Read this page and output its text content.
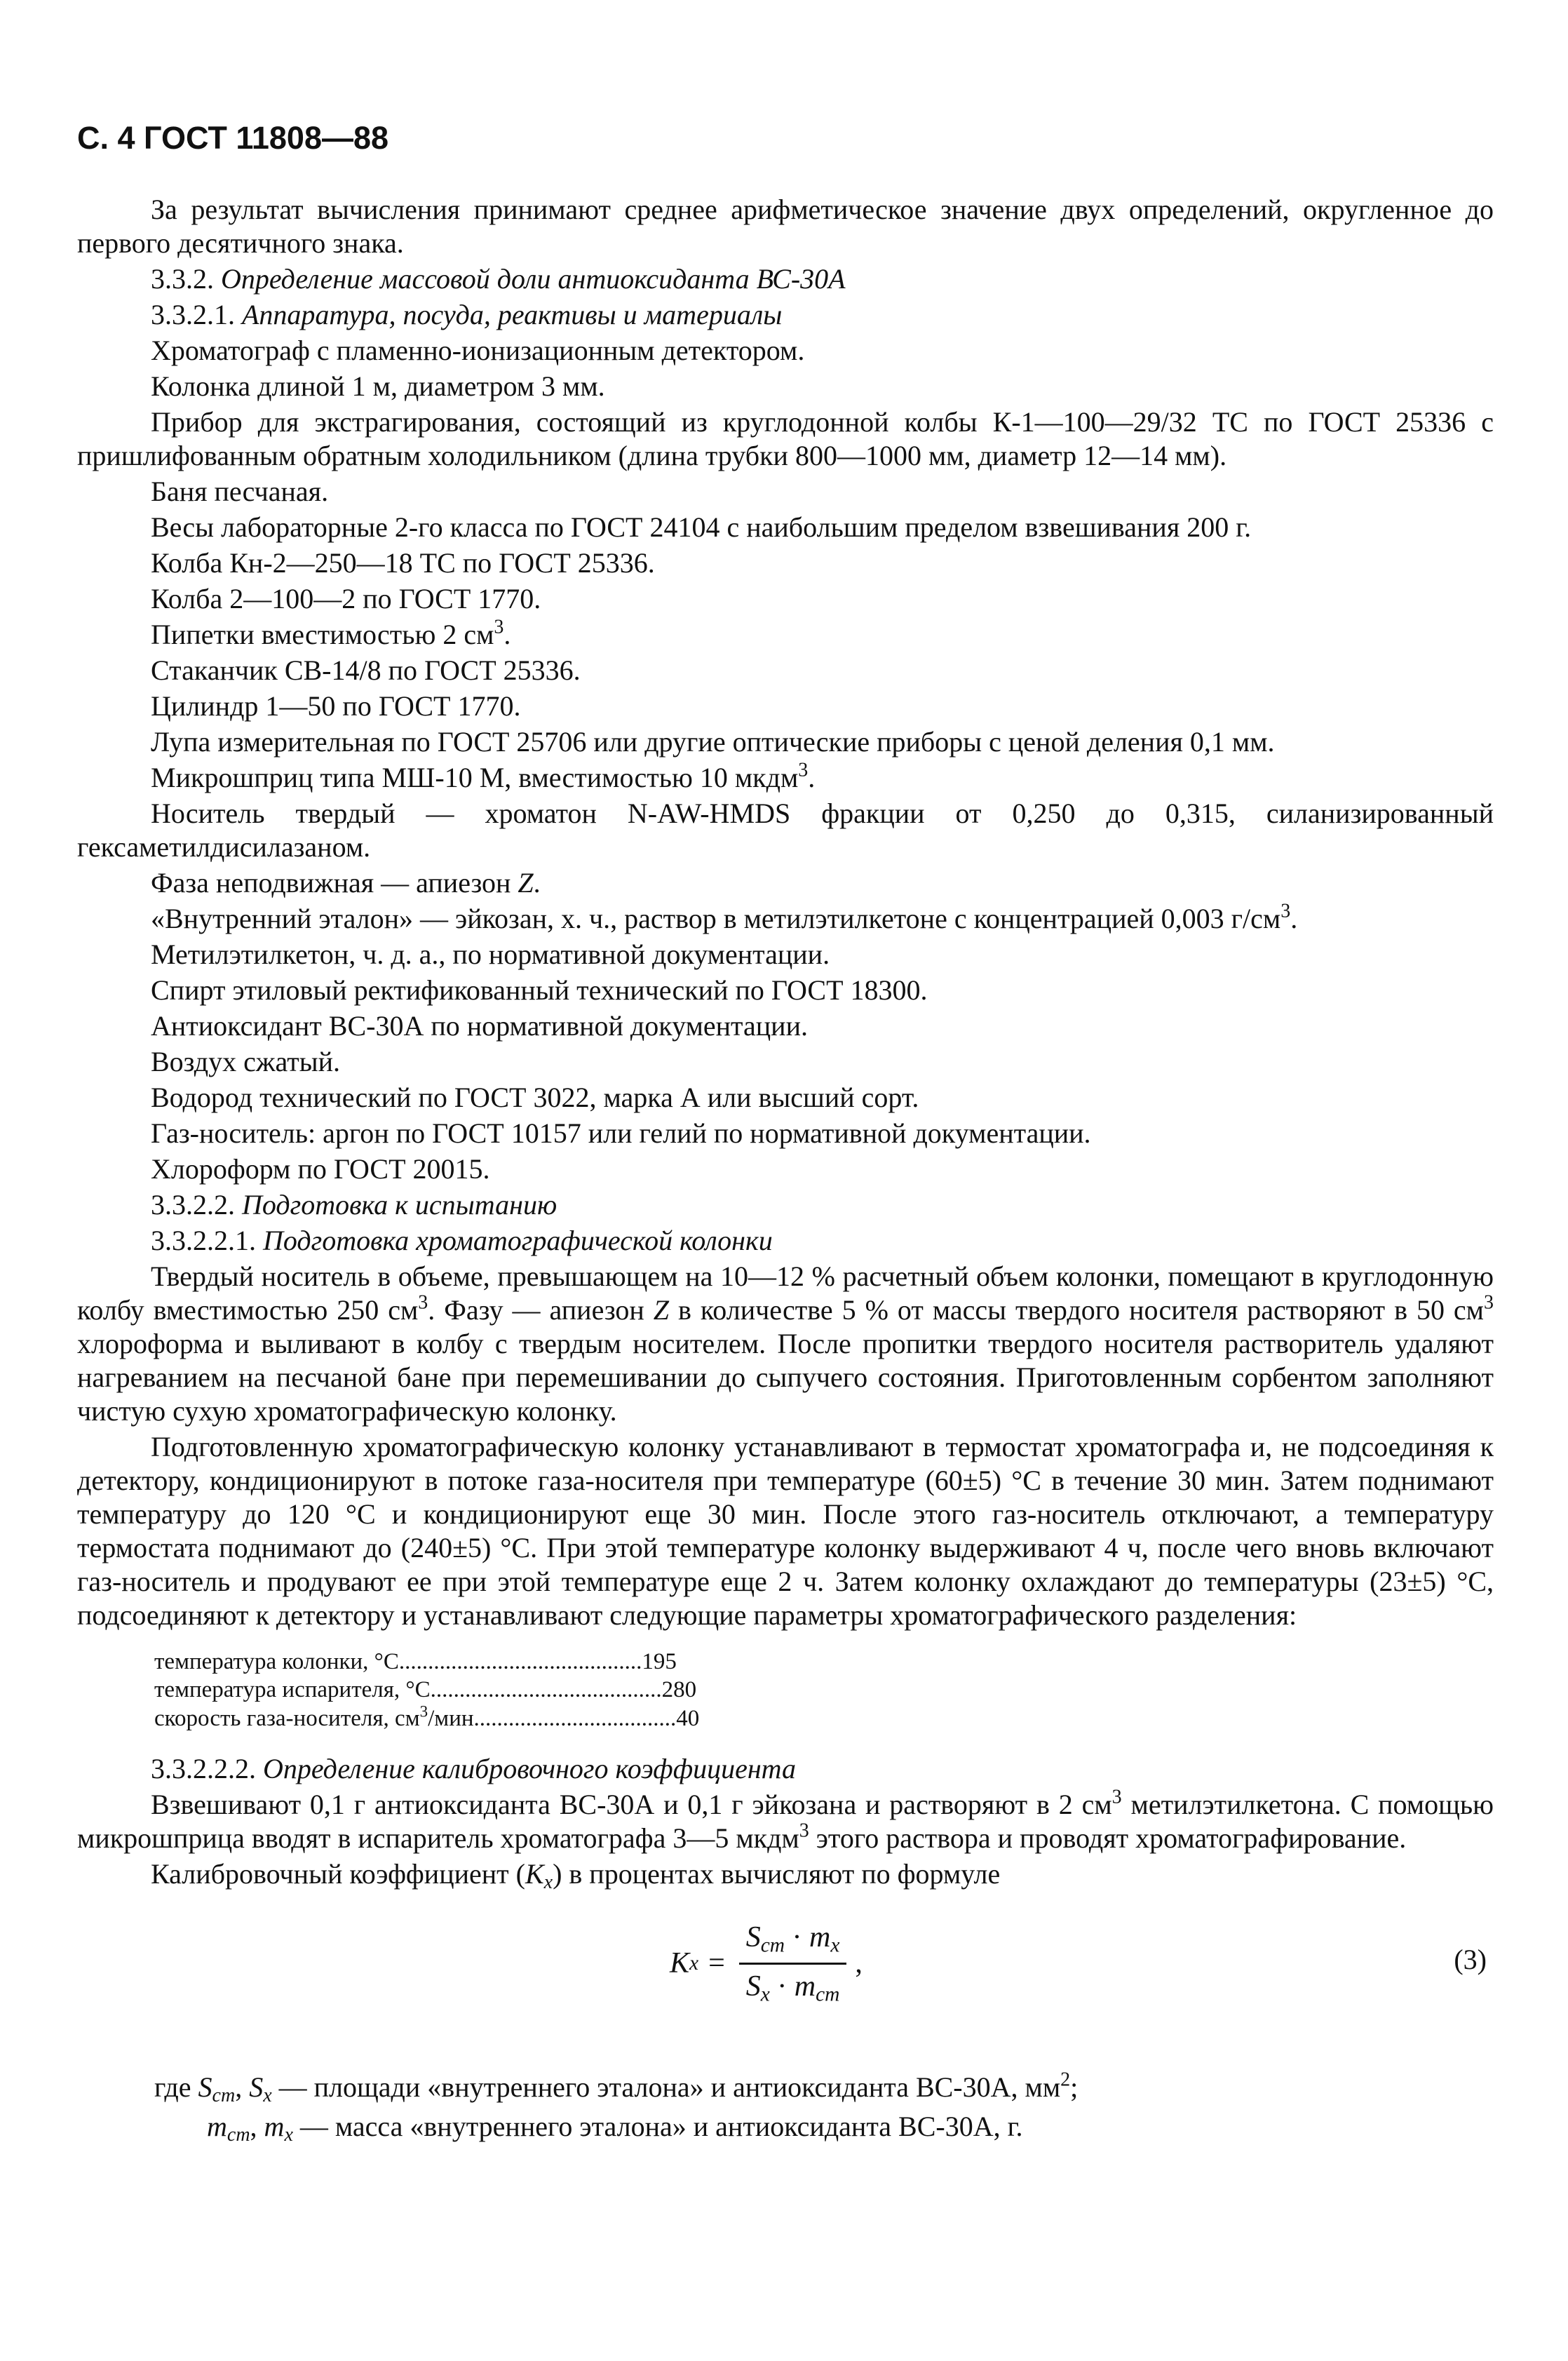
С. 4 ГОСТ 11808—88

За результат вычисления принимают среднее арифметическое значение двух определений, округленное до первого десятичного знака.

3.3.2. Определение массовой доли антиоксиданта ВС-30А

3.3.2.1. Аппаратура, посуда, реактивы и материалы

Хроматограф с пламенно-ионизационным детектором.

Колонка длиной 1 м, диаметром 3 мм.

Прибор для экстрагирования, состоящий из круглодонной колбы К-1—100—29/32 ТС по ГОСТ 25336 с пришлифованным обратным холодильником (длина трубки 800—1000 мм, диаметр 12—14 мм).

Баня песчаная.

Весы лабораторные 2-го класса по ГОСТ 24104 с наибольшим пределом взвешивания 200 г.

Колба Кн-2—250—18 ТС по ГОСТ 25336.

Колба 2—100—2 по ГОСТ 1770.

Пипетки вместимостью 2 $см^3$.

Стаканчик СВ-14/8 по ГОСТ 25336.

Цилиндр 1—50 по ГОСТ 1770.

Лупа измерительная по ГОСТ 25706 или другие оптические приборы с ценой деления 0,1 мм.

Микрошприц типа МШ-10 М, вместимостью 10 мкдм$^3$.

Носитель твердый — хроматон N-AW-HMDS фракции от 0,250 до 0,315, силанизированный гексаметилдисилазаном.

Фаза неподвижная — апиезон Z.

«Внутренний эталон» — эйкозан, х. ч., раствор в метилэтилкетоне с концентрацией 0,003 $г/см^3$.

Метилэтилкетон, ч. д. а., по нормативной документации.

Спирт этиловый ректификованный технический по ГОСТ 18300.

Антиоксидант ВС-30А по нормативной документации.

Воздух сжатый.

Водород технический по ГОСТ 3022, марка А или высший сорт.

Газ-носитель: аргон по ГОСТ 10157 или гелий по нормативной документации.

Хлороформ по ГОСТ 20015.

3.3.2.2. Подготовка к испытанию

3.3.2.2.1. Подготовка хроматографической колонки

Твердый носитель в объеме, превышающем на 10—12 % расчетный объем колонки, помещают в круглодонную колбу вместимостью 250 $см^3$. Фазу — апиезон Z в количестве 5 % от массы твердого носителя растворяют в 50 $см^3$ хлороформа и выливают в колбу с твердым носителем. После пропитки твердого носителя растворитель удаляют нагреванием на песчаной бане при перемешивании до сыпучего состояния. Приготовленным сорбентом заполняют чистую сухую хроматографическую колонку.

Подготовленную хроматографическую колонку устанавливают в термостат хроматографа и, не подсоединяя к детектору, кондиционируют в потоке газа-носителя при температуре (60±5) °С в течение 30 мин. Затем поднимают температуру до 120 °С и кондиционируют еще 30 мин. После этого газ-носитель отключают, а температуру термостата поднимают до (240±5) °С. При этой температуре колонку выдерживают 4 ч, после чего вновь включают газ-носитель и продувают ее при этой температуре еще 2 ч. Затем колонку охлаждают до температуры (23±5) °С, подсоединяют к детектору и устанавливают следующие параметры хроматографического разделения:

температура колонки, °С..........................................195
температура испарителя, °С........................................280
скорость газа-носителя, $см^3/мин...................................40$

3.3.2.2.2. Определение калибровочного коэффициента

Взвешивают 0,1 г антиоксиданта ВС-30А и 0,1 г эйкозана и растворяют в 2 $см^3$ метилэтилкетона. С помощью микрошприца вводят в испаритель хроматографа 3—5 мкдм$^3$ этого раствора и проводят хроматографирование.

Калибровочный коэффициент $(K_x)$ в процентах вычисляют по формуле

K $x = \frac{S_{ст} \cdot m_x}{S_x \cdot m_{ст}}$ ,	(3)

где $S_{ст}$, $S_x$ — площади «внутреннего эталона» и антиоксиданта ВС-30А, $мм^2$;

$m_{ст}$, $m_x$ — масса «внутреннего эталона» и антиоксиданта ВС-30А, г.
